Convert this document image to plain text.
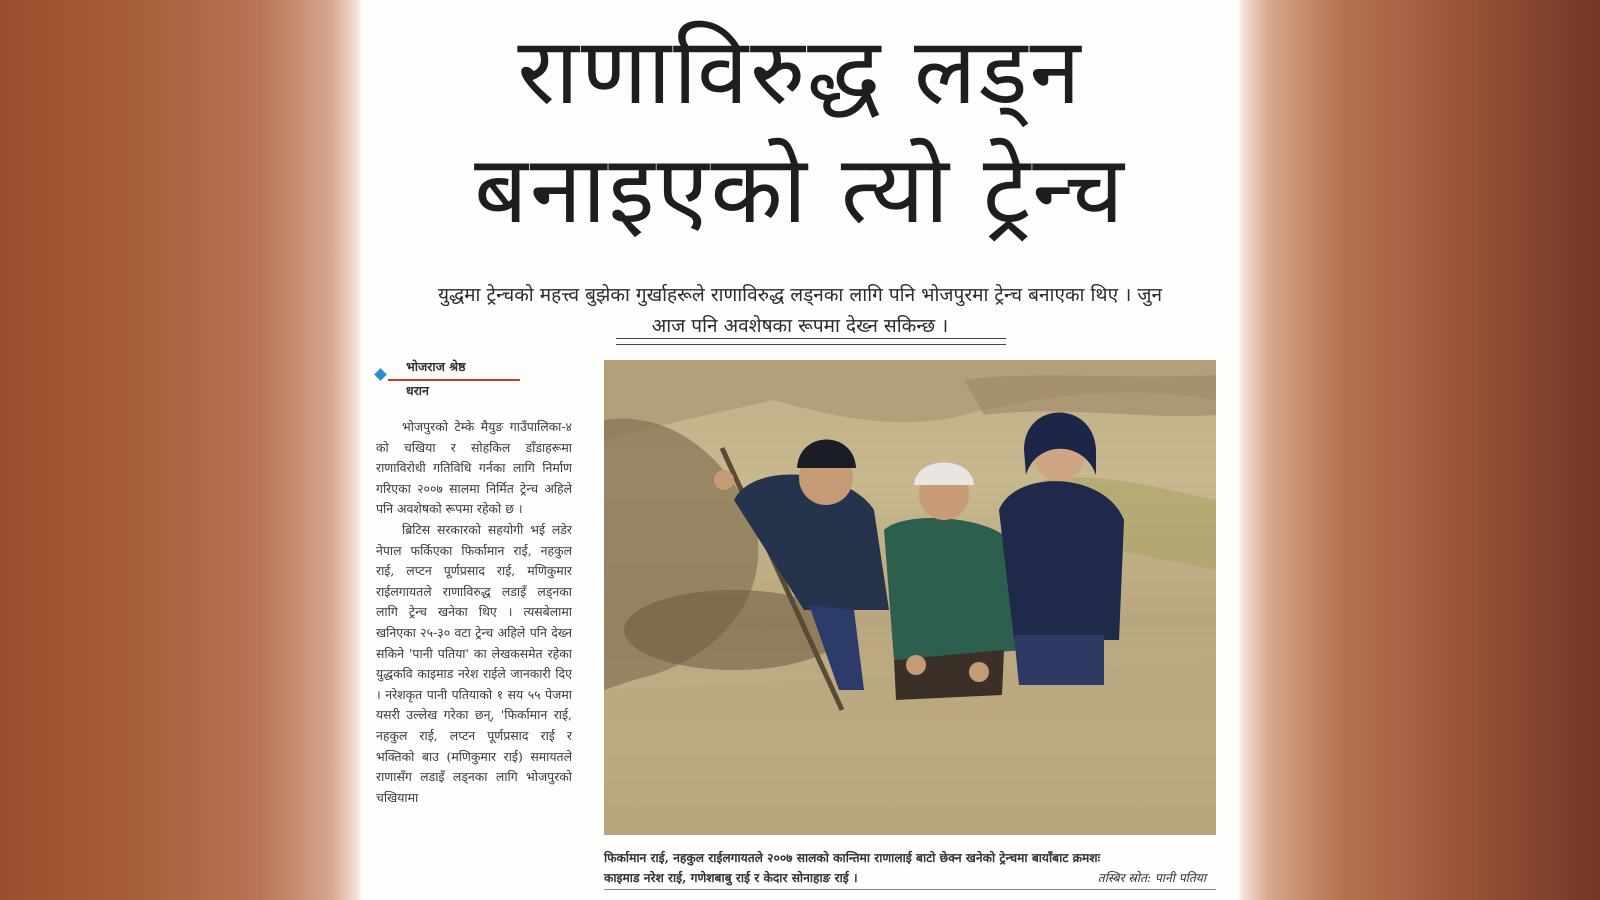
राणाविरुद्ध लड्न
बनाइएको त्यो ट्रेन्च
युद्धमा ट्रेन्चको महत्त्व बुझेका गुर्खाहरूले राणाविरुद्ध लड्नका लागि पनि भोजपुरमा ट्रेन्च बनाएका थिए । जुन
आज पनि अवशेषका रूपमा देख्न सकिन्छ ।
भोजराज श्रेष्ठ
धरान

भोजपुरको टेम्के मैयुङ गाउँपालिका-४ को चखिया र सोहकिल डाँडाहरूमा राणाविरोधी गतिविधि गर्नका लागि निर्माण गरिएका २००७ सालमा निर्मित ट्रेन्च अहिले पनि अवशेषको रूपमा रहेको छ ।

ब्रिटिस सरकारको सहयोगी भई लडेर नेपाल फर्किएका फिर्कामान राई, नहकुल राई, लप्टन पूर्णप्रसाद राई, मणिकुमार राईलगायतले राणाविरुद्ध लडाइँ लड्नका लागि ट्रेन्च खनेका थिए । त्यसबेलामा खनिएका २५-३० वटा ट्रेन्च अहिले पनि देख्न सकिने 'पानी पतिया' का लेखकसमेत रहेका युद्धकवि काइमाड नरेश राईले जानकारी दिए । नरेशकृत पानी पतियाको १ सय ५५ पेजमा यसरी उल्लेख गरेका छन्, 'फिर्कामान राई, नहकुल राई, लप्टन पूर्णप्रसाद राई र भक्तिको बाउ (मणिकुमार राई) समायतले राणासँग लडाइँ लड्नका लागि भोजपुरको चखियामा

फिर्कामान राई, नहकुल राईलगायतले २००७ सालको कान्तिमा राणालाई बाटो छेक्न खनेको ट्रेन्चमा बायाँबाट क्रमशः
काइमाड नरेश राई, गणेशबाबु राई र केदार सोनाहाङ राई ।	तस्बिर स्रोत: पानी पतिया
